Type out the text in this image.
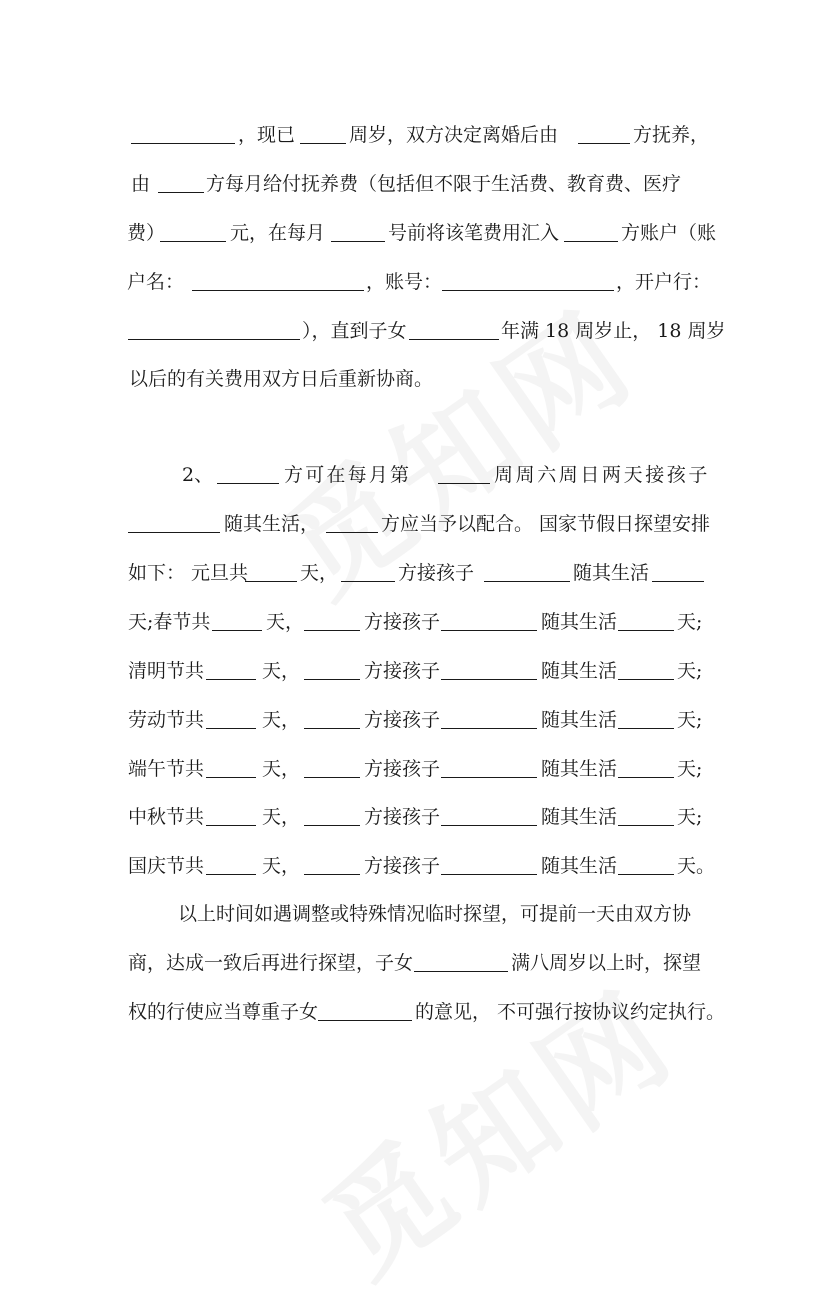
，现已	周岁，双方决定离婚后由	方抚养，
由	方每月给付抚养费（包括但不限于生活费、教育费、医疗
费）	元，在每月	号前将该笔费用汇入	方账户（账
户名：	，账号：	，开户行：
），直到子女	年满 18 周岁止， 18 周岁
以后的有关费用双方日后重新协商。
2、	方可在每月第	周周六周日两天接孩子
随其生活，	方应当予以配合。 国家节假日探望安排
如下： 元旦共	天，	方接孩子	随其生活
天;春节共	天，	方接孩子	随其生活	天;
清明节共	天，	方接孩子	随其生活	天;
劳动节共	天，	方接孩子	随其生活	天;
端午节共	天，	方接孩子	随其生活	天;
中秋节共	天，	方接孩子	随其生活	天;
国庆节共	天，	方接孩子	随其生活	天。
以上时间如遇调整或特殊情况临时探望，可提前一天由双方协
商，达成一致后再进行探望，子女	满八周岁以上时，探望
权的行使应当尊重子女	的意见， 不可强行按协议约定执行。
